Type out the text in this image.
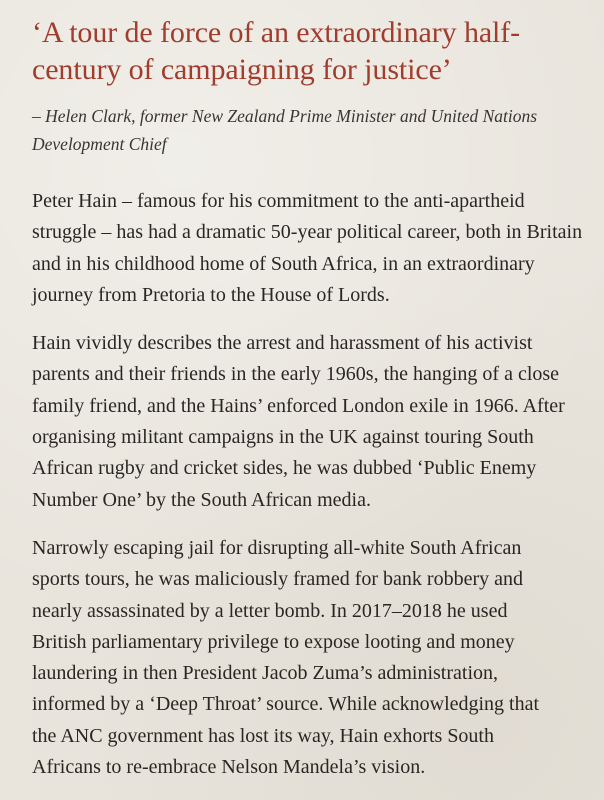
‘A tour de force of an extraordinary half-
century of campaigning for justice’
– Helen Clark, former New Zealand Prime Minister and United Nations
Development Chief

Peter Hain – famous for his commitment to the anti-apartheid
struggle – has had a dramatic 50-year political career, both in Britain
and in his childhood home of South Africa, in an extraordinary
journey from Pretoria to the House of Lords.

Hain vividly describes the arrest and harassment of his activist
parents and their friends in the early 1960s, the hanging of a close
family friend, and the Hains’ enforced London exile in 1966. After
organising militant campaigns in the UK against touring South
African rugby and cricket sides, he was dubbed ‘Public Enemy
Number One’ by the South African media.

Narrowly escaping jail for disrupting all-white South African
sports tours, he was maliciously framed for bank robbery and
nearly assassinated by a letter bomb. In 2017–2018 he used
British parliamentary privilege to expose looting and money
laundering in then President Jacob Zuma’s administration,
informed by a ‘Deep Throat’ source. While acknowledging that
the ANC government has lost its way, Hain exhorts South
Africans to re-embrace Nelson Mandela’s vision.
